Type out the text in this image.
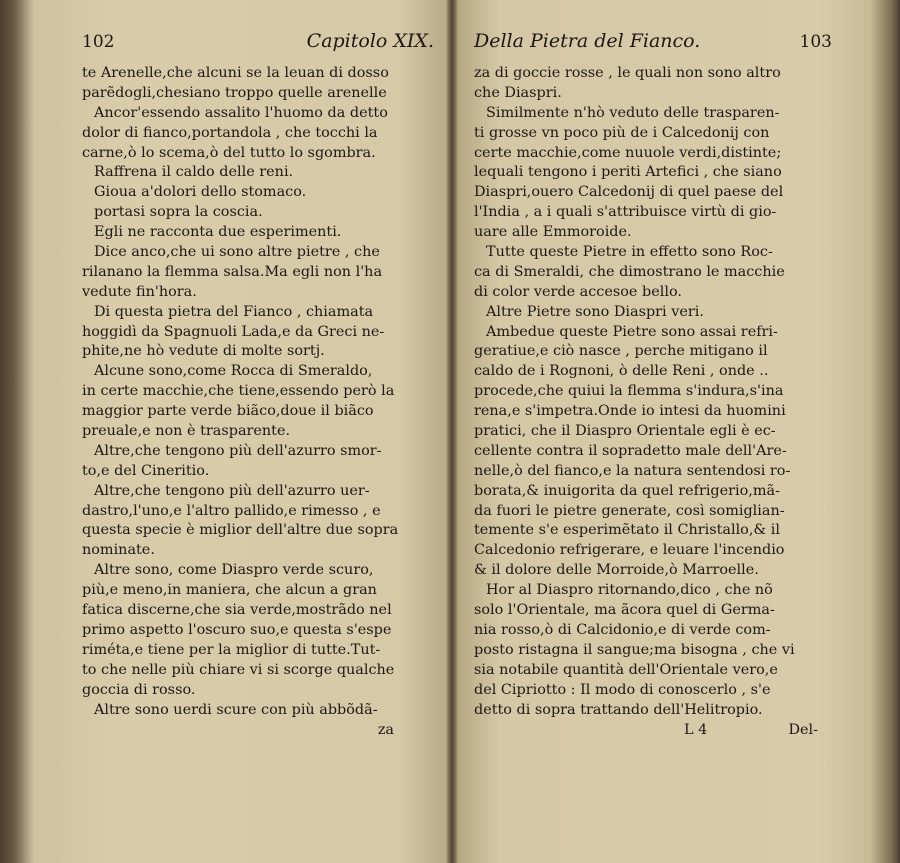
102	Capitolo XIX.
te Arenelle,che alcuni se la leuan di dosso
parẽdogli,chesiano troppo quelle arenelle
Ancor'essendo assalito l'huomo da detto
dolor di fianco,portandola , che tocchi la
carne,ò lo scema,ò del tutto lo sgombra.
Raffrena il caldo delle reni.
Gioua a'dolori dello stomaco.
portasi sopra la coscia.
Egli ne racconta due esperimenti.
Dice anco,che ui sono altre pietre , che
rilanano la flemma salsa.Ma egli non l'ha
vedute fin'hora.
Di questa pietra del Fianco , chiamata
hoggidì da Spagnuoli Lada,e da Greci ne-
phite,ne hò vedute di molte sortj.
Alcune sono,come Rocca di Smeraldo,
in certe macchie,che tiene,essendo però la
maggior parte verde biãco,doue il biãco
preuale,e non è trasparente.
Altre,che tengono più dell'azurro smor-
to,e del Cineritio.
Altre,che tengono più dell'azurro uer-
dastro,l'uno,e l'altro pallido,e rimesso , e
questa specie è miglior dell'altre due sopra
nominate.
Altre sono, come Diaspro verde scuro,
più,e meno,in maniera, che alcun a gran
fatica discerne,che sia verde,mostrãdo nel
primo aspetto l'oscuro suo,e questa s'espe
riméta,e tiene per la miglior di tutte.Tut-
to che nelle più chiare vi si scorge qualche
goccia di rosso.
Altre sono uerdi scure con più abbõdã-
za
Della Pietra del Fianco.	103
za di goccie rosse , le quali non sono altro
che Diaspri.
Similmente n'hò veduto delle trasparen-
ti grosse vn poco più de i Calcedonij con
certe macchie,come nuuole verdi,distinte;
lequali tengono i periti Artefici , che siano
Diaspri,ouero Calcedonij di quel paese del
l'India , a i quali s'attribuisce virtù di gio-
uare alle Emmoroide.
Tutte queste Pietre in effetto sono Roc-
ca di Smeraldi, che dimostrano le macchie
di color verde accesoe bello.
Altre Pietre sono Diaspri veri.
Ambedue queste Pietre sono assai refri-
geratiue,e ciò nasce , perche mitigano il
caldo de i Rognoni, ò delle Reni , onde ..
procede,che quiui la flemma s'indura,s'ina
rena,e s'impetra.Onde io intesi da huomini
pratici, che il Diaspro Orientale egli è ec-
cellente contra il sopradetto male dell'Are-
nelle,ò del fianco,e la natura sentendosi ro-
borata,& inuigorita da quel refrigerio,mã-
da fuori le pietre generate, così somiglian-
temente s'e esperimẽtato il Christallo,& il
Calcedonio refrigerare, e leuare l'incendio
& il dolore delle Morroide,ò Marroelle.
Hor al Diaspro ritornando,dico , che nõ
solo l'Orientale, ma ãcora quel di Germa-
nia rosso,ò di Calcidonio,e di verde com-
posto ristagna il sangue;ma bisogna , che vi
sia notabile quantità dell'Orientale vero,e
del Cipriotto : Il modo di conoscerlo , s'e
detto di sopra trattando dell'Helitropio.
L 4	Del-
